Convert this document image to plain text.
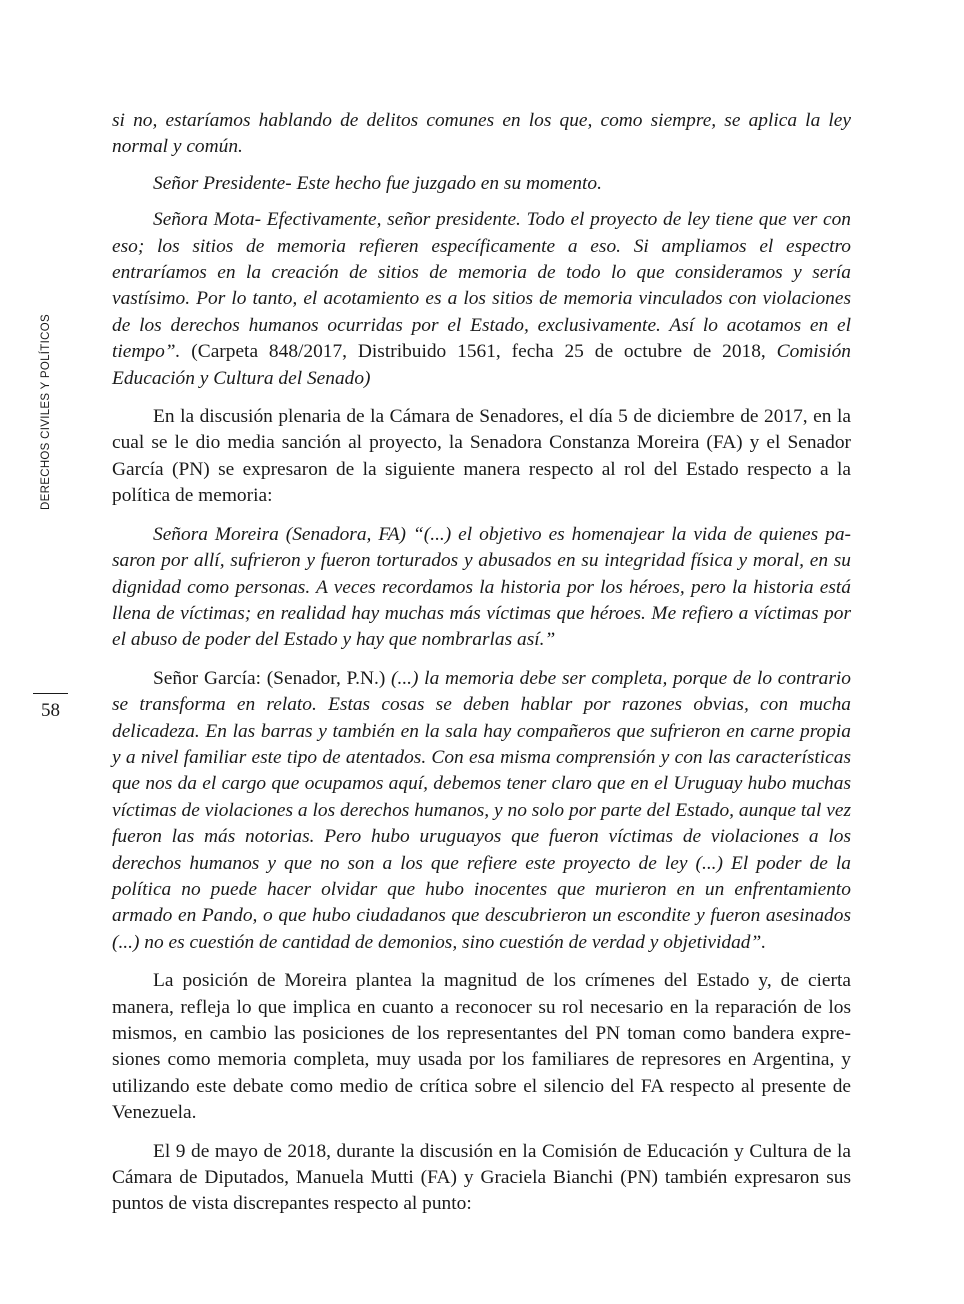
DERECHOS CIVILES Y POLÍTICOS
58

si no, estaríamos hablando de delitos comunes en los que, como siempre, se aplica la ley normal y común.

Señor Presidente- Este hecho fue juzgado en su momento.

Señora Mota- Efectivamente, señor presidente. Todo el proyecto de ley tiene que ver con eso; los sitios de memoria refieren específicamente a eso. Si ampliamos el espectro entraríamos en la creación de sitios de memoria de todo lo que consideramos y sería vastísimo. Por lo tanto, el acotamiento es a los sitios de memoria vinculados con violaciones de los derechos humanos ocurridas por el Estado, exclusivamente. Así lo acotamos en el tiempo”. (Carpeta 848/2017, Distribuido 1561, fecha 25 de octubre de 2018, Comisión Educación y Cultura del Senado)

En la discusión plenaria de la Cámara de Senadores, el día 5 de diciembre de 2017, en la cual se le dio media sanción al proyecto, la Senadora Constanza Moreira (FA) y el Senador García (PN) se expresaron de la siguiente manera respecto al rol del Estado respecto a la política de memoria:

Señora Moreira (Senadora, FA) “(...) el objetivo es homenajear la vida de quienes pasaron por allí, sufrieron y fueron torturados y abusados en su integridad física y moral, en su dignidad como personas. A veces recordamos la historia por los héroes, pero la historia está llena de víctimas; en realidad hay muchas más víctimas que héroes. Me refiero a víctimas por el abuso de poder del Estado y hay que nombrarlas así.”

Señor García: (Senador, P.N.) (...) la memoria debe ser completa, porque de lo contrario se transforma en relato. Estas cosas se deben hablar por razones obvias, con mucha delicadeza. En las barras y también en la sala hay compañeros que sufrieron en carne propia y a nivel familiar este tipo de atentados. Con esa misma comprensión y con las características que nos da el cargo que ocupamos aquí, debemos tener claro que en el Uruguay hubo muchas víctimas de violaciones a los derechos humanos, y no solo por parte del Estado, aunque tal vez fueron las más notorias. Pero hubo uruguayos que fueron víctimas de violaciones a los derechos humanos y que no son a los que refiere este proyecto de ley (...) El poder de la política no puede hacer olvidar que hubo inocentes que murieron en un enfrentamiento armado en Pando, o que hubo ciudadanos que descubrieron un escondite y fueron asesinados (...) no es cuestión de cantidad de demonios, sino cuestión de verdad y objetividad”.

La posición de Moreira plantea la magnitud de los crímenes del Estado y, de cierta manera, refleja lo que implica en cuanto a reconocer su rol necesario en la reparación de los mismos, en cambio las posiciones de los representantes del PN toman como bandera expresiones como memoria completa, muy usada por los familiares de represores en Argentina, y utilizando este debate como medio de crítica sobre el silencio del FA respecto al presente de Venezuela.

El 9 de mayo de 2018, durante la discusión en la Comisión de Educación y Cultura de la Cámara de Diputados, Manuela Mutti (FA) y Graciela Bianchi (PN) también expresaron sus puntos de vista discrepantes respecto al punto:
